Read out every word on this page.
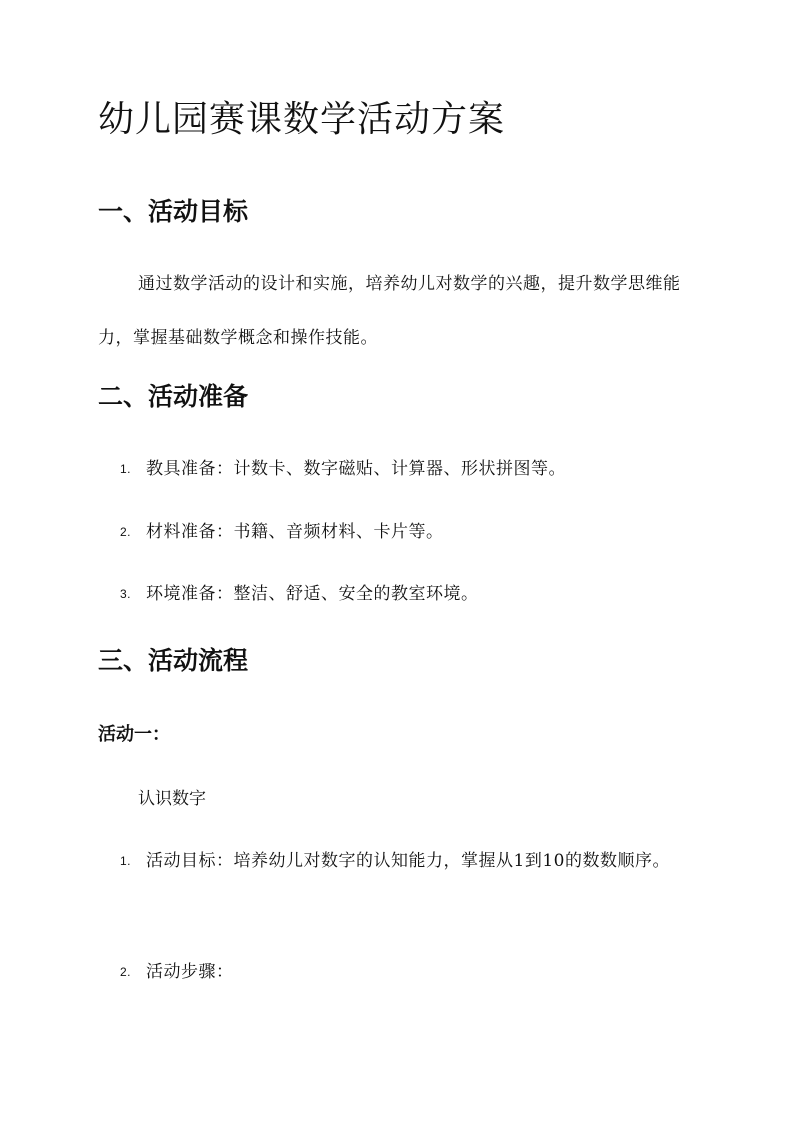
幼儿园赛课数学活动方案
一、活动目标

通过数学活动的设计和实施，培养幼儿对数学的兴趣，提升数学思维能力，掌握基础数学概念和操作技能。

二、活动准备
1. 教具准备：计数卡、数字磁贴、计算器、形状拼图等。
2. 材料准备：书籍、音频材料、卡片等。
3. 环境准备：整洁、舒适、安全的教室环境。
三、活动流程
活动一：
认识数字
1. 活动目标：培养幼儿对数字的认知能力，掌握从1到10的数数顺序。
2. 活动步骤：
